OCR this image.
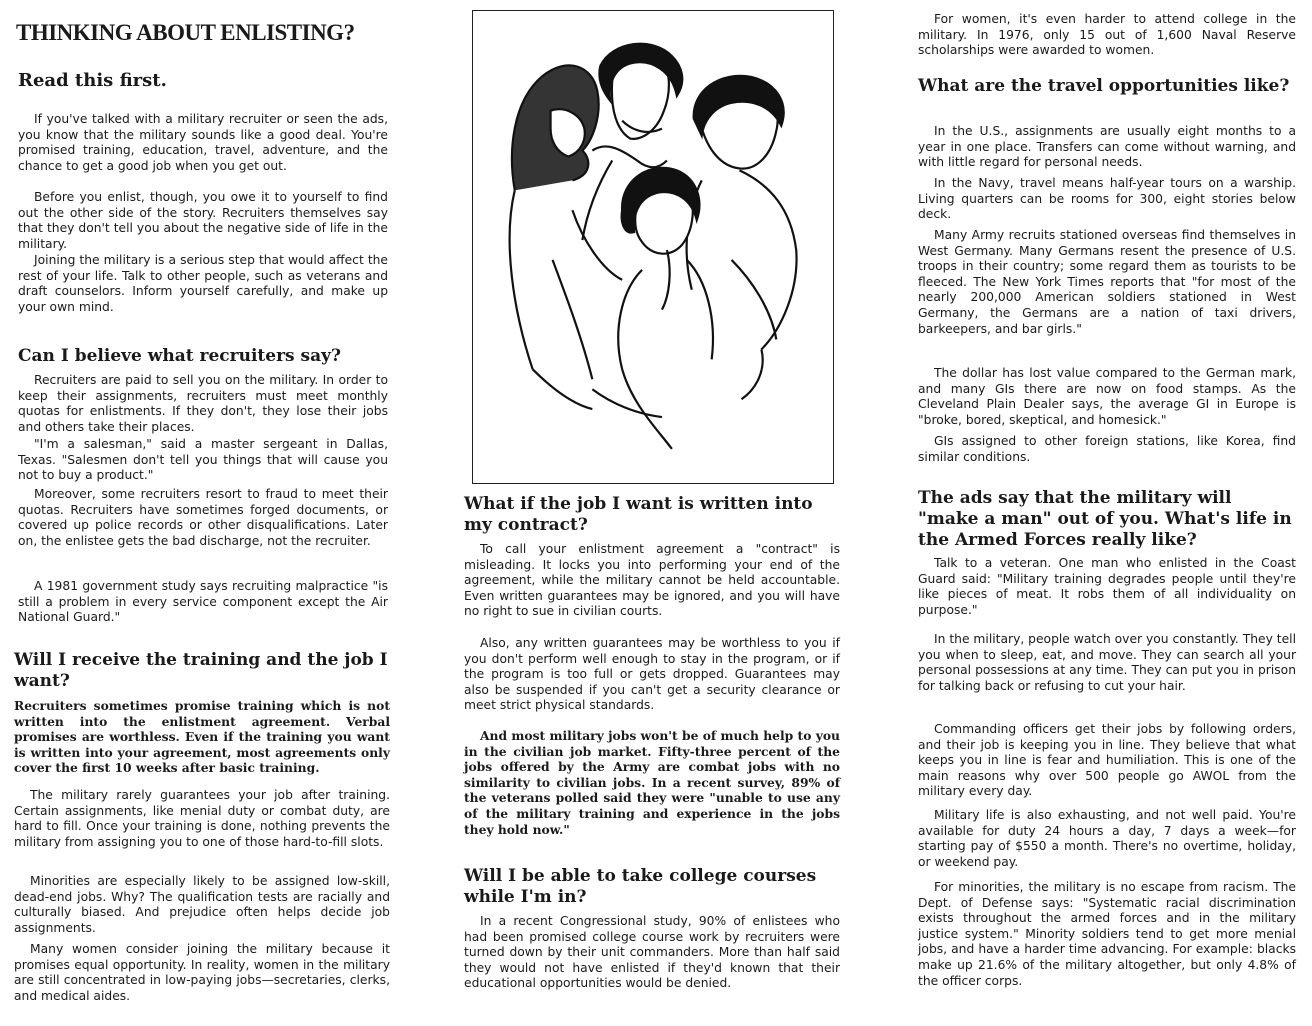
THINKING ABOUT ENLISTING?
Read this first.

If you've talked with a military recruiter or seen the ads, you know that the military sounds like a good deal. You're promised training, education, travel, adventure, and the chance to get a good job when you get out.

Before you enlist, though, you owe it to yourself to find out the other side of the story. Recruiters themselves say that they don't tell you about the negative side of life in the military.

Joining the military is a serious step that would affect the rest of your life. Talk to other people, such as veterans and draft counselors. Inform yourself carefully, and make up your own mind.

Can I believe what recruiters say?

Recruiters are paid to sell you on the military. In order to keep their assignments, recruiters must meet monthly quotas for enlistments. If they don't, they lose their jobs and others take their places.

"I'm a salesman," said a master sergeant in Dallas, Texas. "Salesmen don't tell you things that will cause you not to buy a product."

Moreover, some recruiters resort to fraud to meet their quotas. Recruiters have sometimes forged documents, or covered up police records or other disqualifications. Later on, the enlistee gets the bad discharge, not the recruiter.

A 1981 government study says recruiting malpractice "is still a problem in every service component except the Air National Guard."

Will I receive the training and the job I want?

Recruiters sometimes promise training which is not written into the enlistment agreement. Verbal promises are worthless. Even if the training you want is written into your agreement, most agreements only cover the first 10 weeks after basic training.

The military rarely guarantees your job after training. Certain assignments, like menial duty or combat duty, are hard to fill. Once your training is done, nothing prevents the military from assigning you to one of those hard-to-fill slots.

Minorities are especially likely to be assigned low-skill, dead-end jobs. Why? The qualification tests are racially and culturally biased. And prejudice often helps decide job assignments.

Many women consider joining the military because it promises equal opportunity. In reality, women in the military are still concentrated in low-paying jobs—secretaries, clerks, and medical aides.

What if the job I want is written into my contract?

To call your enlistment agreement a "contract" is misleading. It locks you into performing your end of the agreement, while the military cannot be held accountable. Even written guarantees may be ignored, and you will have no right to sue in civilian courts.

Also, any written guarantees may be worthless to you if you don't perform well enough to stay in the program, or if the program is too full or gets dropped. Guarantees may also be suspended if you can't get a security clearance or meet strict physical standards.

And most military jobs won't be of much help to you in the civilian job market. Fifty-three percent of the jobs offered by the Army are combat jobs with no similarity to civilian jobs. In a recent survey, 89% of the veterans polled said they were "unable to use any of the military training and experience in the jobs they hold now."

Will I be able to take college courses while I'm in?

In a recent Congressional study, 90% of enlistees who had been promised college course work by recruiters were turned down by their unit commanders. More than half said they would not have enlisted if they'd known that their educational opportunities would be denied.

For women, it's even harder to attend college in the military. In 1976, only 15 out of 1,600 Naval Reserve scholarships were awarded to women.

What are the travel opportunities like?

In the U.S., assignments are usually eight months to a year in one place. Transfers can come without warning, and with little regard for personal needs.

In the Navy, travel means half-year tours on a warship. Living quarters can be rooms for 300, eight stories below deck.

Many Army recruits stationed overseas find themselves in West Germany. Many Germans resent the presence of U.S. troops in their country; some regard them as tourists to be fleeced. The New York Times reports that "for most of the nearly 200,000 American soldiers stationed in West Germany, the Germans are a nation of taxi drivers, barkeepers, and bar girls."

The dollar has lost value compared to the German mark, and many GIs there are now on food stamps. As the Cleveland Plain Dealer says, the average GI in Europe is "broke, bored, skeptical, and homesick."

GIs assigned to other foreign stations, like Korea, find similar conditions.

The ads say that the military will "make a man" out of you. What's life in the Armed Forces really like?

Talk to a veteran. One man who enlisted in the Coast Guard said: "Military training degrades people until they're like pieces of meat. It robs them of all individuality on purpose."

In the military, people watch over you constantly. They tell you when to sleep, eat, and move. They can search all your personal possessions at any time. They can put you in prison for talking back or refusing to cut your hair.

Commanding officers get their jobs by following orders, and their job is keeping you in line. They believe that what keeps you in line is fear and humiliation. This is one of the main reasons why over 500 people go AWOL from the military every day.

Military life is also exhausting, and not well paid. You're available for duty 24 hours a day, 7 days a week—for starting pay of $550 a month. There's no overtime, holiday, or weekend pay.

For minorities, the military is no escape from racism. The Dept. of Defense says: "Systematic racial discrimination exists throughout the armed forces and in the military justice system." Minority soldiers tend to get more menial jobs, and have a harder time advancing. For example: blacks make up 21.6% of the military altogether, but only 4.8% of the officer corps.
